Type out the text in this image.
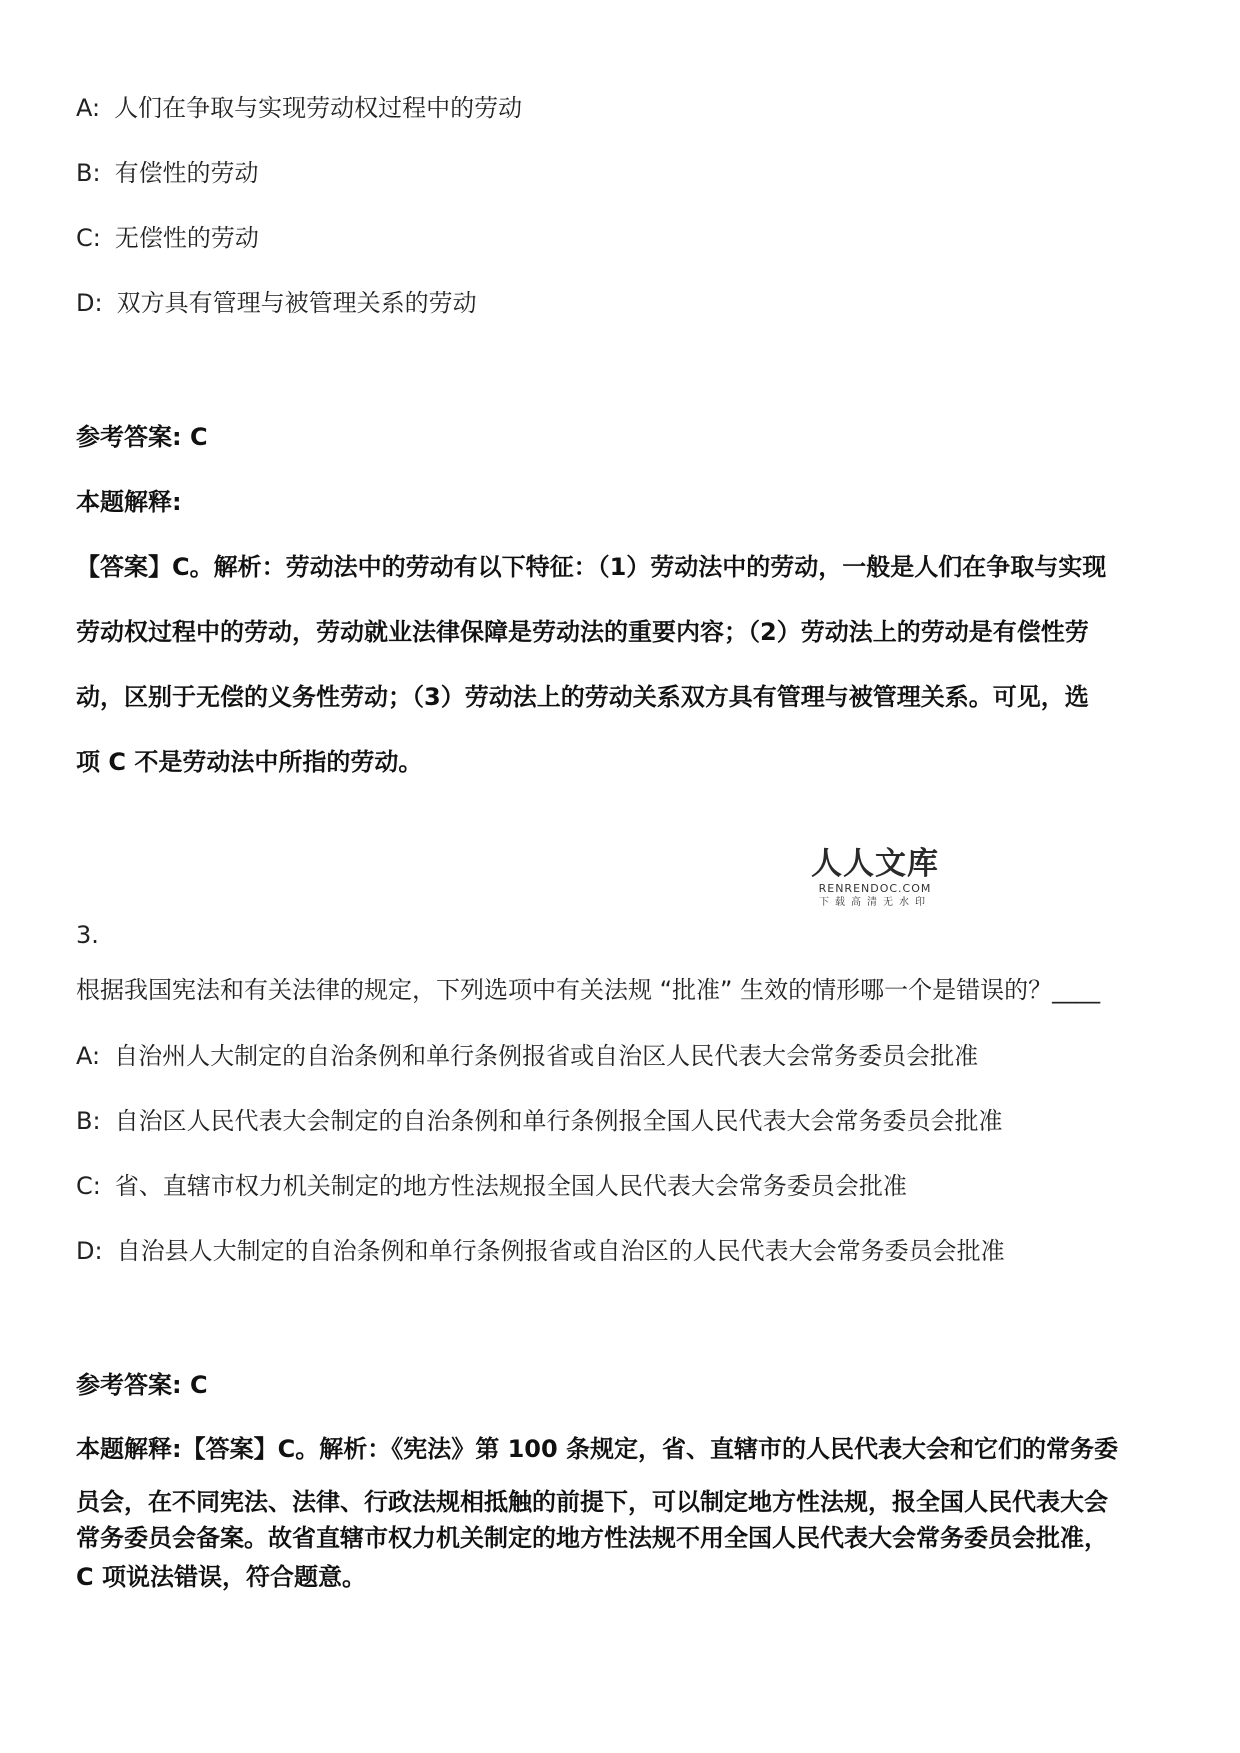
A: 人们在争取与实现劳动权过程中的劳动
B: 有偿性的劳动
C: 无偿性的劳动
D: 双方具有管理与被管理关系的劳动
参考答案: C
本题解释:
【答案】C。解析：劳动法中的劳动有以下特征：（1）劳动法中的劳动，一般是人们在争取与实现
劳动权过程中的劳动，劳动就业法律保障是劳动法的重要内容；（2）劳动法上的劳动是有偿性劳
动，区别于无偿的义务性劳动；（3）劳动法上的劳动关系双方具有管理与被管理关系。可见，选
项 C 不是劳动法中所指的劳动。
人人文库
RENRENDOC.COM
下载高清无水印
3.
根据我国宪法和有关法律的规定，下列选项中有关法规 “批准” 生效的情形哪一个是错误的？____
A: 自治州人大制定的自治条例和单行条例报省或自治区人民代表大会常务委员会批准
B: 自治区人民代表大会制定的自治条例和单行条例报全国人民代表大会常务委员会批准
C: 省、直辖市权力机关制定的地方性法规报全国人民代表大会常务委员会批准
D: 自治县人大制定的自治条例和单行条例报省或自治区的人民代表大会常务委员会批准
参考答案: C
本题解释:【答案】C。解析：《宪法》第 100 条规定，省、直辖市的人民代表大会和它们的常务委
员会，在不同宪法、法律、行政法规相抵触的前提下，可以制定地方性法规，报全国人民代表大会
常务委员会备案。故省直辖市权力机关制定的地方性法规不用全国人民代表大会常务委员会批准，
C 项说法错误，符合题意。
